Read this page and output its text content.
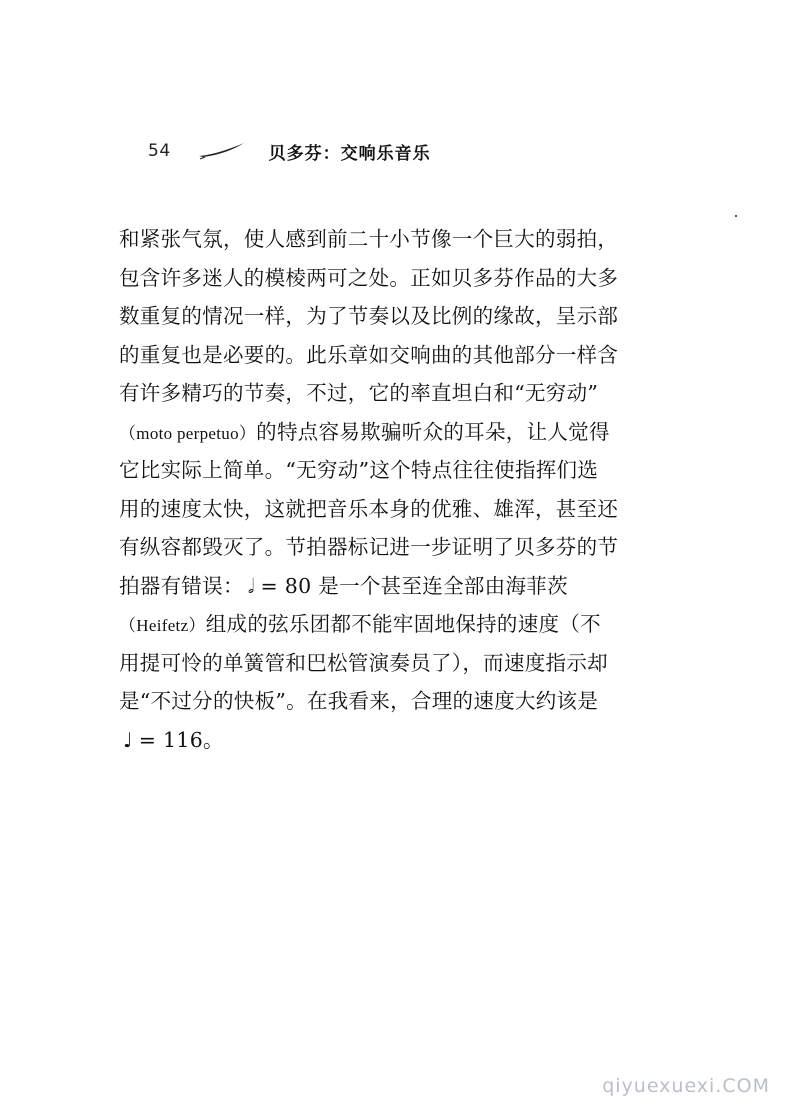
54	贝多芬：交响乐音乐
和紧张气氛，使人感到前二十小节像一个巨大的弱拍，
包含许多迷人的模棱两可之处。正如贝多芬作品的大多
数重复的情况一样，为了节奏以及比例的缘故，呈示部
的重复也是必要的。此乐章如交响曲的其他部分一样含
有许多精巧的节奏，不过，它的率直坦白和“无穷动”
（moto perpetuo）的特点容易欺骗听众的耳朵，让人觉得
它比实际上简单。“无穷动”这个特点往往使指挥们选
用的速度太快，这就把音乐本身的优雅、雄浑，甚至还
有纵容都毁灭了。节拍器标记进一步证明了贝多芬的节
拍器有错误： 𝅗𝅥 = 80 是一个甚至连全部由海菲茨
（Heifetz）组成的弦乐团都不能牢固地保持的速度（不
用提可怜的单簧管和巴松管演奏员了），而速度指示却
是“不过分的快板”。在我看来，合理的速度大约该是
♩ = 116。
qiyuexuexi.COM
